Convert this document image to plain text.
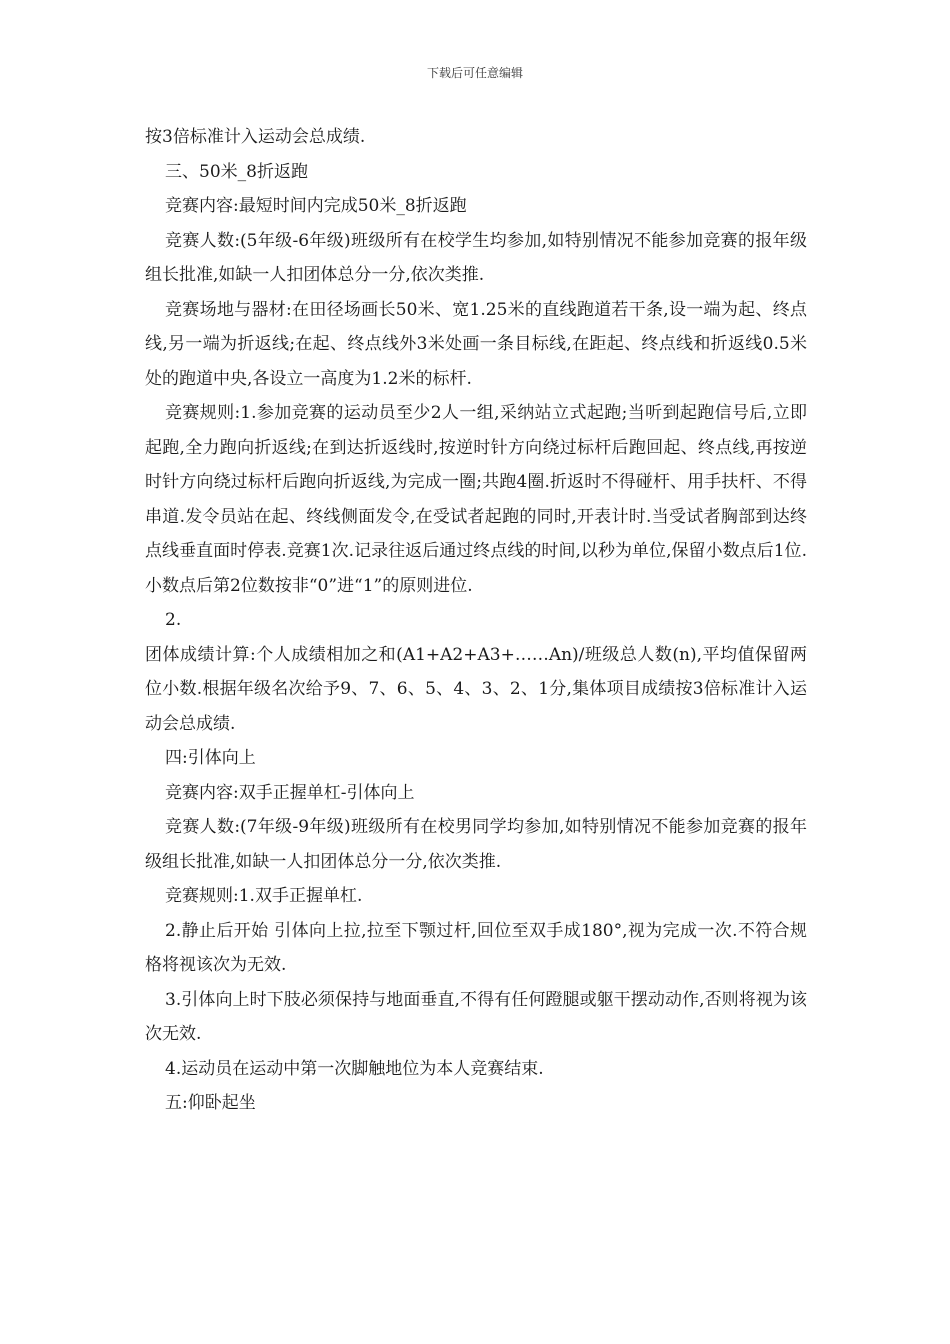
下载后可任意编辑

按3倍标准计入运动会总成绩.

三、50米_8折返跑

竞赛内容:最短时间内完成50米_8折返跑

竞赛人数:(5年级-6年级)班级所有在校学生均参加,如特别情况不能参加竞赛的报年级组长批准,如缺一人扣团体总分一分,依次类推.

竞赛场地与器材:在田径场画长50米、宽1.25米的直线跑道若干条,设一端为起、终点线,另一端为折返线;在起、终点线外3米处画一条目标线,在距起、终点线和折返线0.5米处的跑道中央,各设立一高度为1.2米的标杆.

竞赛规则:1.参加竞赛的运动员至少2人一组,采纳站立式起跑;当听到起跑信号后,立即起跑,全力跑向折返线;在到达折返线时,按逆时针方向绕过标杆后跑回起、终点线,再按逆时针方向绕过标杆后跑向折返线,为完成一圈;共跑4圈.折返时不得碰杆、用手扶杆、不得串道.发令员站在起、终线侧面发令,在受试者起跑的同时,开表计时.当受试者胸部到达终点线垂直面时停表.竞赛1次.记录往返后通过终点线的时间,以秒为单位,保留小数点后1位.小数点后第2位数按非“0”进“1”的原则进位.

2.

团体成绩计算:个人成绩相加之和(A1+A2+A3+……An)/班级总人数(n),平均值保留两位小数.根据年级名次给予9、7、6、5、4、3、2、1分,集体项目成绩按3倍标准计入运动会总成绩.

四:引体向上

竞赛内容:双手正握单杠-引体向上

竞赛人数:(7年级-9年级)班级所有在校男同学均参加,如特别情况不能参加竞赛的报年级组长批准,如缺一人扣团体总分一分,依次类推.

竞赛规则:1.双手正握单杠.

2.静止后开始 引体向上拉,拉至下颚过杆,回位至双手成180°,视为完成一次.不符合规格将视该次为无效.

3.引体向上时下肢必须保持与地面垂直,不得有任何蹬腿或躯干摆动动作,否则将视为该次无效.

4.运动员在运动中第一次脚触地位为本人竞赛结束.

五:仰卧起坐
